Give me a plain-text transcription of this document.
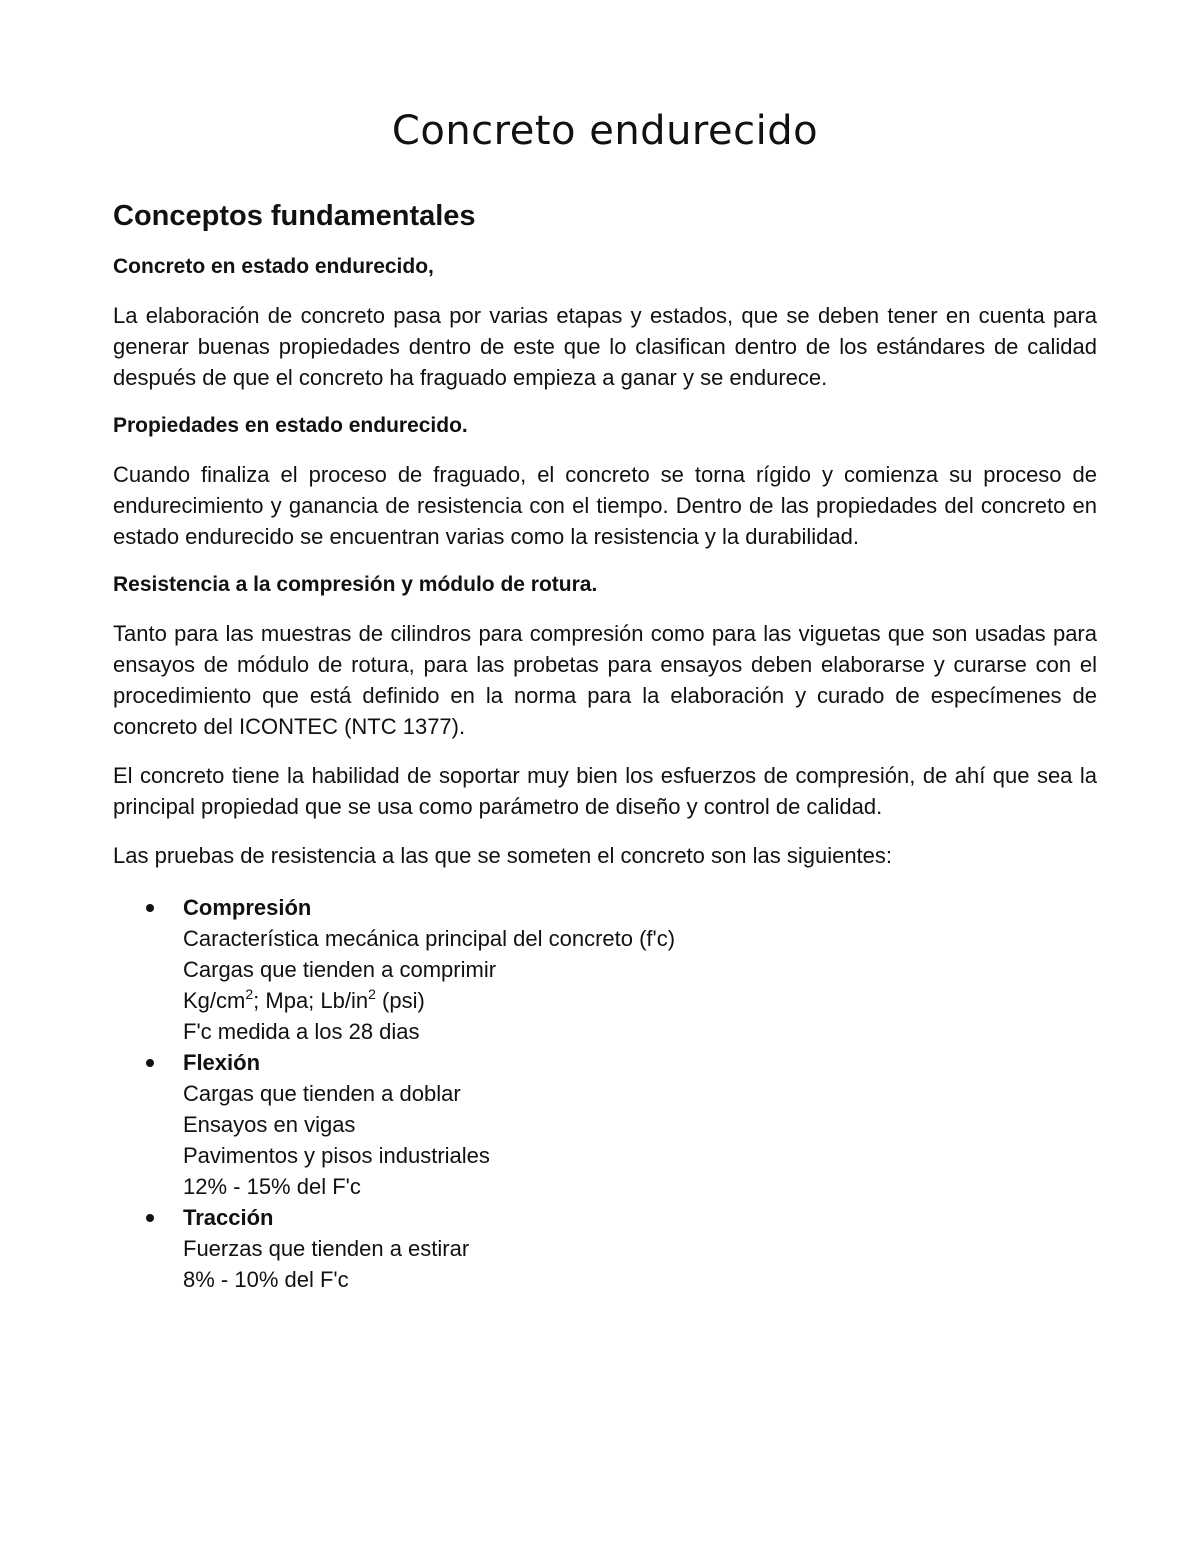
Concreto endurecido
Conceptos fundamentales

Concreto en estado endurecido,

La elaboración de concreto pasa por varias etapas y estados, que se deben tener en cuenta para generar buenas propiedades dentro de este que lo clasifican dentro de los estándares de calidad después de que el concreto ha fraguado empieza a ganar y se endurece.

Propiedades en estado endurecido.

Cuando finaliza el proceso de fraguado, el concreto se torna rígido y comienza su proceso de endurecimiento y ganancia de resistencia con el tiempo. Dentro de las propiedades del concreto en estado endurecido se encuentran varias como la resistencia y la durabilidad.

Resistencia a la compresión y módulo de rotura.

Tanto para las muestras de cilindros para compresión como para las viguetas que son usadas para ensayos de módulo de rotura, para las probetas para ensayos deben elaborarse y curarse con el procedimiento que está definido en la norma para la elaboración y curado de especímenes de concreto del ICONTEC (NTC 1377).

El concreto tiene la habilidad de soportar muy bien los esfuerzos de compresión, de ahí que sea la principal propiedad que se usa como parámetro de diseño y control de calidad.

Las pruebas de resistencia a las que se someten el concreto son las siguientes:

Compresión
Característica mecánica principal del concreto (f'c)
Cargas que tienden a comprimir
$Kg/cm^2$; Mpa; $Lb/in^2$ (psi)
F'c medida a los 28 dias
Flexión
Cargas que tienden a doblar
Ensayos en vigas
Pavimentos y pisos industriales
12% - 15% del F'c
Tracción
Fuerzas que tienden a estirar
8% - 10% del F'c
